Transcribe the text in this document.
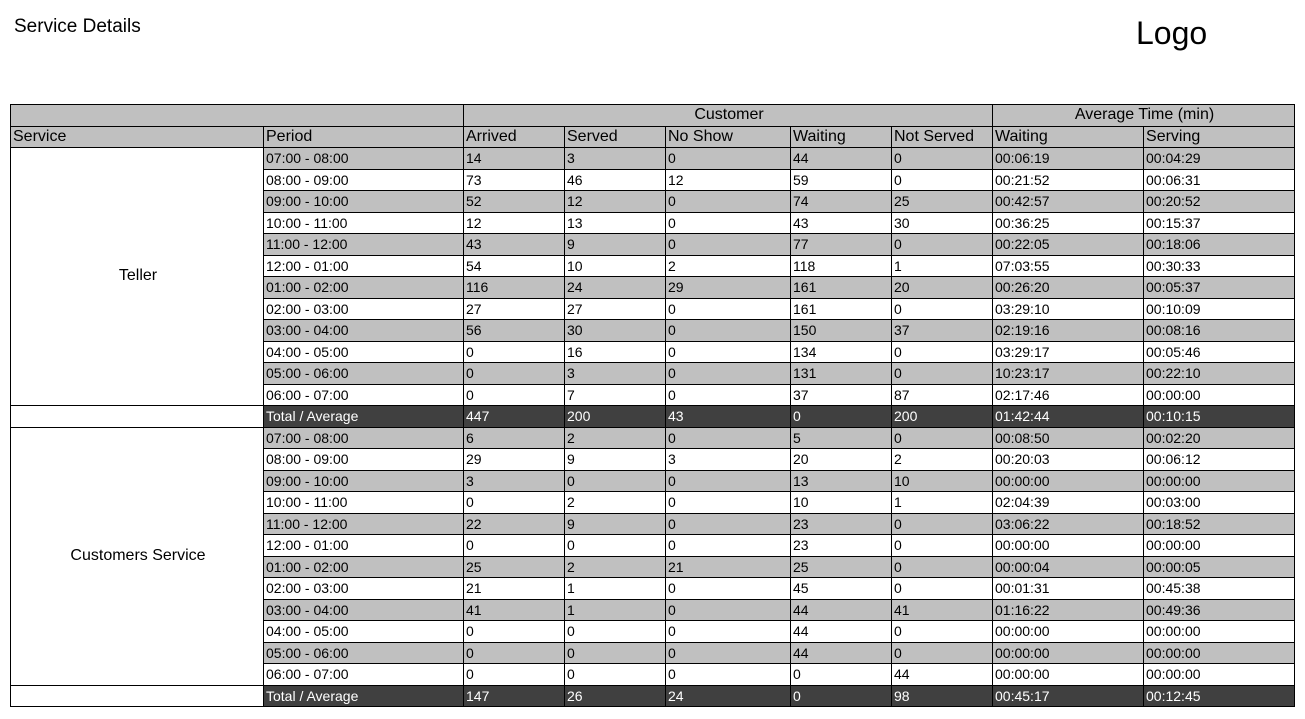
Service Details	Logo
		Customer					Average Time (min)	
Service	Period	Arrived	Served	No Show	Waiting	Not Served	Waiting	Serving
Teller	07:00 - 08:00	14	3	0	44	0	00:06:19	00:04:29
	08:00 - 09:00	73	46	12	59	0	00:21:52	00:06:31
	09:00 - 10:00	52	12	0	74	25	00:42:57	00:20:52
	10:00 - 11:00	12	13	0	43	30	00:36:25	00:15:37
	11:00 - 12:00	43	9	0	77	0	00:22:05	00:18:06
	12:00 - 01:00	54	10	2	118	1	07:03:55	00:30:33
	01:00 - 02:00	116	24	29	161	20	00:26:20	00:05:37
	02:00 - 03:00	27	27	0	161	0	03:29:10	00:10:09
	03:00 - 04:00	56	30	0	150	37	02:19:16	00:08:16
	04:00 - 05:00	0	16	0	134	0	03:29:17	00:05:46
	05:00 - 06:00	0	3	0	131	0	10:23:17	00:22:10
	06:00 - 07:00	0	7	0	37	87	02:17:46	00:00:00
	Total / Average	447	200	43	0	200	01:42:44	00:10:15
Customers Service	07:00 - 08:00	6	2	0	5	0	00:08:50	00:02:20
	08:00 - 09:00	29	9	3	20	2	00:20:03	00:06:12
	09:00 - 10:00	3	0	0	13	10	00:00:00	00:00:00
	10:00 - 11:00	0	2	0	10	1	02:04:39	00:03:00
	11:00 - 12:00	22	9	0	23	0	03:06:22	00:18:52
	12:00 - 01:00	0	0	0	23	0	00:00:00	00:00:00
	01:00 - 02:00	25	2	21	25	0	00:00:04	00:00:05
	02:00 - 03:00	21	1	0	45	0	00:01:31	00:45:38
	03:00 - 04:00	41	1	0	44	41	01:16:22	00:49:36
	04:00 - 05:00	0	0	0	44	0	00:00:00	00:00:00
	05:00 - 06:00	0	0	0	44	0	00:00:00	00:00:00
	06:00 - 07:00	0	0	0	0	44	00:00:00	00:00:00
	Total / Average	147	26	24	0	98	00:45:17	00:12:45
